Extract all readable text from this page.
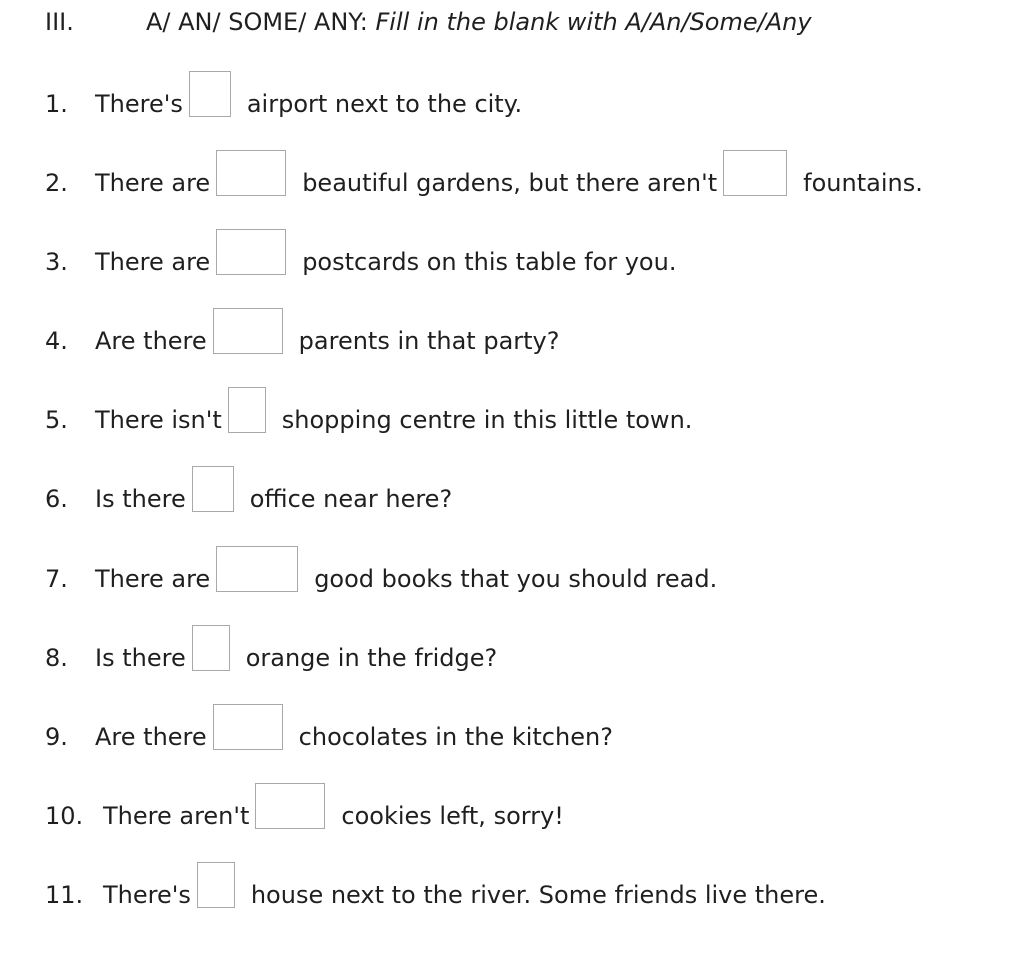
III.	A/ AN/ SOME/ ANY: Fill in the blank with A/An/Some/Any
1.	There's	airport next to the city.
2.	There are	beautiful gardens, but there aren't	fountains.
3.	There are	postcards on this table for you.
4.	Are there	parents in that party?
5.	There isn't	shopping centre in this little town.
6.	Is there	office near here?
7.	There are	good books that you should read.
8.	Is there	orange in the fridge?
9.	Are there	chocolates in the kitchen?
10. There aren't	cookies left, sorry!
11. There's	house next to the river. Some friends live there.
